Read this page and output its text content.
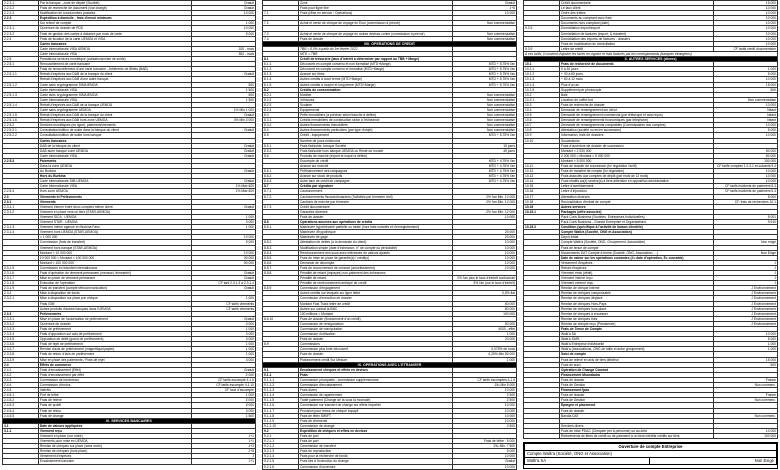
2.2.2.1	Par la banque - zone de départ (Société)	Gratuit
2.2.2.2	Frais de recherche de document (vrai chargé)	Gratuit
2.2.2.3	Modification de coordonnées postales	10 000
2.2.3	Expédition à domicile - frais d'envoi minimum	
	Sur relevé de compte	1 000
2.2.3.1	Ouverture de dossier de PDS	10 000
2.2.3.2	Frais de gestion des cartes à distance par mois de carte	5 000
2.2.4	Frais de location de la carte UEMOA et VISA	
	Cartes bancaires	
	Carte internationale VISA UEMOA	100 - mois
	Carte internationale VISA	500 - mois
2.2.5	Prestations services monétique (cotisations/mise de solde)	
2.2.5.1	Renouvellement de carte bancaire	
	Frais de renouvellement d'une carte bancaire - Adhérents de Billets (BAB)	
2.2.5.1.1	Retrait d'espèces aux DAB de la banque du client	Gratuit
	Retrait d'espèces aux DAB d'une autre banque	
2.2.5.1.2	Carte sans cryptogramme SIM/UEMOA	500
	Carte internationale VISA	1 500
2.2.5.1.3	Carte avec cryptogramme SIM/UEMOA	500
	Carte internationale VISA	1 500
2.2.5.1.4	Retrait d'espèces aux DAB de la banque UEMOA	
	Carte sans cryptogramme UEMOA	1% Min 1 000
2.2.5.1.5	Retrait d'espèces aux DAB de la banque du client	Gratuit
2.2.5.1.6	Retrait d'espèces aux DAB hors zone UEMOA	3% Min 3 000
2.2.5.2	Services monétiques (en ligne), paiement/virements	
2.2.5.2.1	Consultation/édition de solde dans la banque du client	Gratuit
2.2.5.2.2	Consultation/édition de solde hors banque	
	Cartes bancaires	
	DAB de la banque du client	Gratuit
	DAB autre banque zone UEMOA	Gratuit
	Carte internationale VISA	Gratuit
2.2.5.3	Paiements	
	Dans la zone UEMOA	
	Au Burkina	Gratuit
	Hors du Burkina	
	Carte internationale SIM UEMOA	Gratuit
	Carte internationale VISA	1% Max 600
2.2.5.4	Hors zone UEMOA	1% Max 600
2.3	Virements et Prélèvements	
2.3.1	Virements	
2.3.1.1	Virement interne entre deux comptes même client	Gratuit
2.3.1.2	Virement en place vers un tiers (STAR-UEMOA)	
	Virement SICA - UEMOA	1 000
	Virement STAR - UEMOA	3 000
2.3.1.3	Virement même agence en Burkina Faso	1 000
2.3.1.4	Virement hors UEMOA (STAR-UEMOA)	
	< 1 000 000	10 000
	Commission (frais de transfert)	5 000
	Virement hors banque (STAR-UEMOA)	
	Montant < 10 000 000	10 000
	10 000 000 < Montant < 100 000 000	30 000
	Montant > 100 000 000	50 000
2.3.1.5	Commission en transfert internationaux	
2.3.1.6	Frais d'opération de virement permanent (mensuel, trimestriel)	Gratuit
2.3.1.7	Mise en place de virement permanent	Gratuit
2.3.1.8	Exécution de l'opération	CF tarif 2.3.1.3 à 2.3.1.4
2.3.1.9	Frais de transfert (compte télécommunication)	Gratuit
2.3.2	Mise à disposition de fonds	
2.3.2.1	Mise à disposition sur place par chèque	1 000
	Frais GIM	CF tarifs virements
	Autres produits d'autres banques dans l'UEMOA	CF tarifs virements
2.3.3	Prélèvements	
2.3.3.1	Mise en place de l'autorisation de prélèvement	Gratuit
2.3.3.2	Ouverture de dossier	3 000
2.3.3.3	Frais de prélèvement	1 000
2.3.3.4	Frais d'opposition sur avis de prélèvement	3 000
2.3.3.5	Opposition de débit (grand de prélèvement)	3 000
2.3.3.6	Frais de rejet de prélèvement	1 000
2.3.3.7	Remise d'avis de prélèvement (magnétique/papier)	1 000
2.3.3.8	Frais de retour d'avis de prélèvement	1 000
2.3.3.9	Mise en place des paiements / Frais de rejet	3 000
2.4	Effets de commerce	
2.4.1	Frais d'encaissement (Effet)	Gratuit
2.4.2	Frais d'encaissement par effet	2 000
2.4.3	Commission de bordereau	CF tarifs escompte 4.1.5
2.4.4	Commission d'endos	CF tarifs escompte 4.1.10
2.4.5	Intérêts	CF taux d'escompte
2.4.5.1	Port de lettre	1 000
2.4.5.2	Frais de relevé	2 000
2.4.5.3	Frais de protêt	5 000
2.4.5.4	Frais de retour	3 000
2.4.5.5	Frais de change	1 500
III. SERVICES BANCAIRES		
3.1	Date de valeurs appliquées	
3.1.1	Virement reçu	
	Virement en place (sur ordre)	J+1
	Virements pour mise en UEMOA	J+1
	Remise de chèques sur place (sans ordre)	J+3
	Remise de chèques (hors place)	J+5
	Versement d'espèces	J
	Encaissement bancaire	J+1
	Zone	Gratuit
	Frais pour ligne fixe	J+5
7.1	Frais (Mise en service / Opérations)	10 000

7.2	Achat et vente de chèque de voyage en Euro (commission à prévoir)	Non commercialisé

7.3	Achat et vente de chèque de voyage en autres devises contre (commission à prévoir)	Non commercialisé
7.4	Frais de dossier	Non commercialisé
VIII. OPERATIONS DE CREDIT		
	TBB = 8,5% à partir du 1er février 2022	
	MTD = TBB	
8.1	Crédit de trésorerie (taux d'intérêt à déterminer par rapport au TBB + Marge)	
8.1.1	Découvert en compte convenu et non formalisé (MTD+Marge)	MTD + 5,75% l'an
8.1.2	Découvert en compte convenu et formalisé (MTD+Marge)	MTD + 5,75% l'an
8.1.3	Avance sur titres	MTD + 5,75% l'an
8.1.4	Autres crédits à court terme (MTD+Marge)	MTD + 5,75% l'an
8.1.5	Autres crédits à moyen et long terme (MTD+Marge)	MTD + 5,75% l'an
8.2	Crédits de consommation	
8.2.1	Mobilier	Non commercialisé
8.2.2	Véhicules	Non commercialisé
8.2.3	Scolaire	Non commercialisé
8.2.4	Equipements	Non commercialisé
8.3	Prêts immobiliers (à préciser selon tranche à définir)	Non commercialisé
8.3.1	Crédits immobiliers de construction selon à l'échéance	Non commercialisé
8.3.2	Autres financements immobiliers	Non commercialisé
8.4	Autres financements particuliers (par type d'objet)	Non commercialisé
8.5	Crédit - équipement	MTD + 5,75% l'an
	Nombre de jours minimums	
8.5.1	Frais flat/solde, banque Société	15 jours
8.5.2	Frais flat/solde hors banque UEMOA ou Reste du monde	45 jours
8.6	Produits de marché (export et import à définir)	
	Escompte de crédit	MTD + 4,75% l'an
	Avance sur marché	MTD + 4,75% l'an
8.6.1	Préfinancement des campagnes	MTD + 4,75% l'an
8.6.2	Avance sur stock de produits	MTD + 4,75% l'an
8.6.3	Autre taux de crédit de campagne	MTD + 4,75% l'an
8.7	Crédits par signature	
8.7.1	Cautionnement	
8.7.2	Cautionnements fiscaux/douaniers (Sollicités par trimestre civil)	2% l'an Min. 12 000
	Cautions de marché par trimestre	2% l'an Min. 12 000
8.7.3	Crédit documentaire	
	Garanties diverses	2% l'an Min. 12 000
	Frais de dossier	10 000
8.8	Opérations annexes aux opérations de crédits	
8.8.1	Mainlevée hypothécaire partielle ou totale (hors frais notariés et d'enregistrement)	
	Mainlevée d'hypothèque	20 000
	Mainlevée de gage	20 000
8.8.2	Attestation de dettes (à la demande du client)	10 000
8.8.3	Modification simple (date d'échéance, n° de compte ou périodicité)	10 000
8.8.4	Remboursement des sous avec intéressés de valeurs ajustés	10 000
8.8.5	Frais de mise en place de garantie(s) / crédit(s)	10 000
8.8.6	Demande de décompte	10 000
8.8.7	Frais de recouvrement de créance (amortissement)	10 000
8.8.8	Pénalité de retard (impayés) non-paiement des échéances	
	Pénalité de retard	2% l'an plus le taux d'intérêt contractuel
	Pénalité de remboursement anticipé de crédit	3% l'an (sur le taux d'intérêt)
8.8.9	Commission d'engagement	
	Autres crédits sur lesquels sur ligne lettre	0,5% flat
	Commission d'exécution de dossier	
	Montant Fast Track lettre de crédit	60 000
	Autres sur contrat la BBC	80 000
	100 millions < Montant	100 000
8.8.10	Frais de dossier (financement d'un crédit)	
	Commission de renégociation	50 000
	Commission de manipulation	4000 - effet
	Commission d'utilisation	1 000
	Frais de dossier	20 000
8.9	Commissions	
	Commission plus forte découvert	0,075% de mois
	Frais de dossier	0,25% Min 50 000
	Plafonnement crédit Sur Mesure	1 000
IX. OPERATIONS AVEC L'ETRANGER		
9.1	Encaissement chèques et effets en devises	
9.1.1	Frais	
9.1.1.1	Commission principales - commission supplémentaire	CF tarifs escomptes 4.1.5
9.1.1.2	Commission d'encaissement	1‰ Min 5 000
9.1.1.3	Frais divers	10 000
9.1.1.4	Commission de rapatriement	2 500
9.1.1.5	Traite paiement (Change de la sous la monnaie)	2 500
9.1.1.6	Commission sur transfert de change sur effets importés	10 000
9.1.1.7	Provision pour retour de chèque impayé	10 000
9.1.1.8	Frais de télex SWIFT	10 000
9.1.1.9	Frais de virements	10 000
9.1.1.10	Commission de change	2 500
9.2	Expédition de chèques et effets en devises	
9.2.1	Frais de port	
9.2.1.1	Frais de port	Frais de lettre : 5 000
9.2.1.2	Commission de transfert	2‰ Min. 7 500
9.2.1.3	Frais de reproduction	5 000
9.2.1.4	Frais pour la recherche de fonds	10 000
9.2.1.5	Frais liés à l'exécution du change	Gratuit
9.2.1.6	Commission d'ouverture	10 000
	Crédit documentaire	15 000
	Le taux client	10 000
	Ordre des traites	10 000
	Documents au comptant avec frais	10 000
	Documents hors comptant (date)	10 000
9.3.9	Domiciliation import/export	10 000
	Domiciliation de factures (import, & transfert)	10 000
	Domiciliation des exports de factures - dossiers	10 000
	Frais de modification de domiciliation	10 000
9.3.9	Lettre de crédit	CF tarifs crédit documentaire
A ces tarifs, il convient d'ajouter les taxes en vigueur et frais facturés par les correspondants (banques étrangères)		
X. AUTRES SERVICES (divers)		
10.1	Frais de recherche de documents	
10.1.1	0 à 30 jours	1 000
10.1.2	+ 30 à 60 jours	5 000
10.1.3	+ 60 à 12 mois	10 000
10.1.4	Plus d'un an	15 000
10.1.5	Supplément par photocopie	500
10.2	Bale	
10.2.1	Location de coffre-fort	Non commercialisé
10.3	Frais de recherche de dossier	10 000
10.4	Demande de renseignement sur client	Néant
10.5	Demande de renseignement commercial (par téléscope et avis reçus)	Néant
10.6	Demande de renseignements économiques (par téléphone)	Néant
10.7	Demande de renseignements comptables (Commissaires aux comptes)	10 000
10.8	Attestation (société ou en/en succession)	5 000
10.9	Information, frais de dossiers	10 000
10.10	Successions	
	Frais d'ouverture de dossier de succession	
	Montant < 2 000 000	50 000
	2 000 000 < Montant < 5 000 000	50 000
	Montant > 5 000 000	100 000
10.11	Frais de dossier de succession (hz régulation l'actif)	CF tarifs comptes 1.2.3.1 et suivants 9.4
10.12	Frais de transfert de compte (hz régulation)	10 000
10.13	Frais associés aux comptes de dépôt (par mois de 12 mois)	10 000
10.14	Frais relatifs au(x) service(s) à tiers détention en opposition administrative	10 000
10.15	Lettre d'avertissement	CF tarifs incidents de paiement 5.3
10.16	Lettre d'injonction	CF tarifs incidents de paiement 5.3
10.17	Attestation diverses	5 000
10.18	Reconstitution d'extrait de compte	CF. frais de recherches 10.1
10.19	Autres services	
10.19.1	Packages (offre associée)	
	Pack Coris Business (Sociétés, Entreprises Individuelles)	5 001
	Pack Coris Business - Grande Entreprise et Organisations	9 610
10.19.2	Condition (spécifique à l'activité de liaison clientèle)	
	Compte Walk'a (Société, ONG et Association)	
	Dépôt initial	
	Compte Walk'a (Société, ONG, Groupement, Association)	Non exigé
	Frais de tenue de compte	
	Mouvements DAT Compte à terme (Société, ONG, Association, ...)	Non Exigé
	Date de valeur sur les opérations courantes (J= date d'opération, E= ouvrable)	
	Versement d'espèces	J
	Retrait d'espèces	J
	Virement émis (débit)	J
	Virement interne reçu	J
	Virement externe reçu	J
	Remise de chèque interne	J Environnement
	Remise de chèques compensable	J Environnement
	Remise de chèques déplacé	J Environnement
	Remise de chèques Hors-Pays	J Environnement
	Remise de chèques hors-place	J Environnement
	Remise de chèques à encaisser	J Environnement
	Remise de chèques tirés	J Environnement
	Remise de chèque reçu (Prévalence)	J Environnement
	Frais de Tenue de Compte	
	Walk'a SA	10 000
	Walk'a SARL	5 000
	Walk'a Entreprise Individuelle	1 000
	Walk'a (Associations, ONG de taille et autre groupement)	1 000
	Saisi de compte	
	Frais de relevé en avis de tiers débiteur	15 000
	Frais de suivi	500
	Opération de Change Courant	
	Financement Mourabaha	
	Frais de dossier	France
	Frais de Gestion	Non commerc.
	Financement Ijara	
	Frais de dossier	France
	Frais de Gestion	Non commerc.
	Epargne et placement	
	Frais de dossier	
	Bandia DAT	Non commerc.

	Services divers	
	Frais de mise PDAC (Chéquier per à personne) ou au delà	10 000
	Relèvements de titres de crédit ou de paiement à un tiers intérêts crédits sur tiers	100 000
Ouverture de compte Entreprise
Compte Walk'a (Société, ONG et Association)
Walk'a SA	Non Exigé
